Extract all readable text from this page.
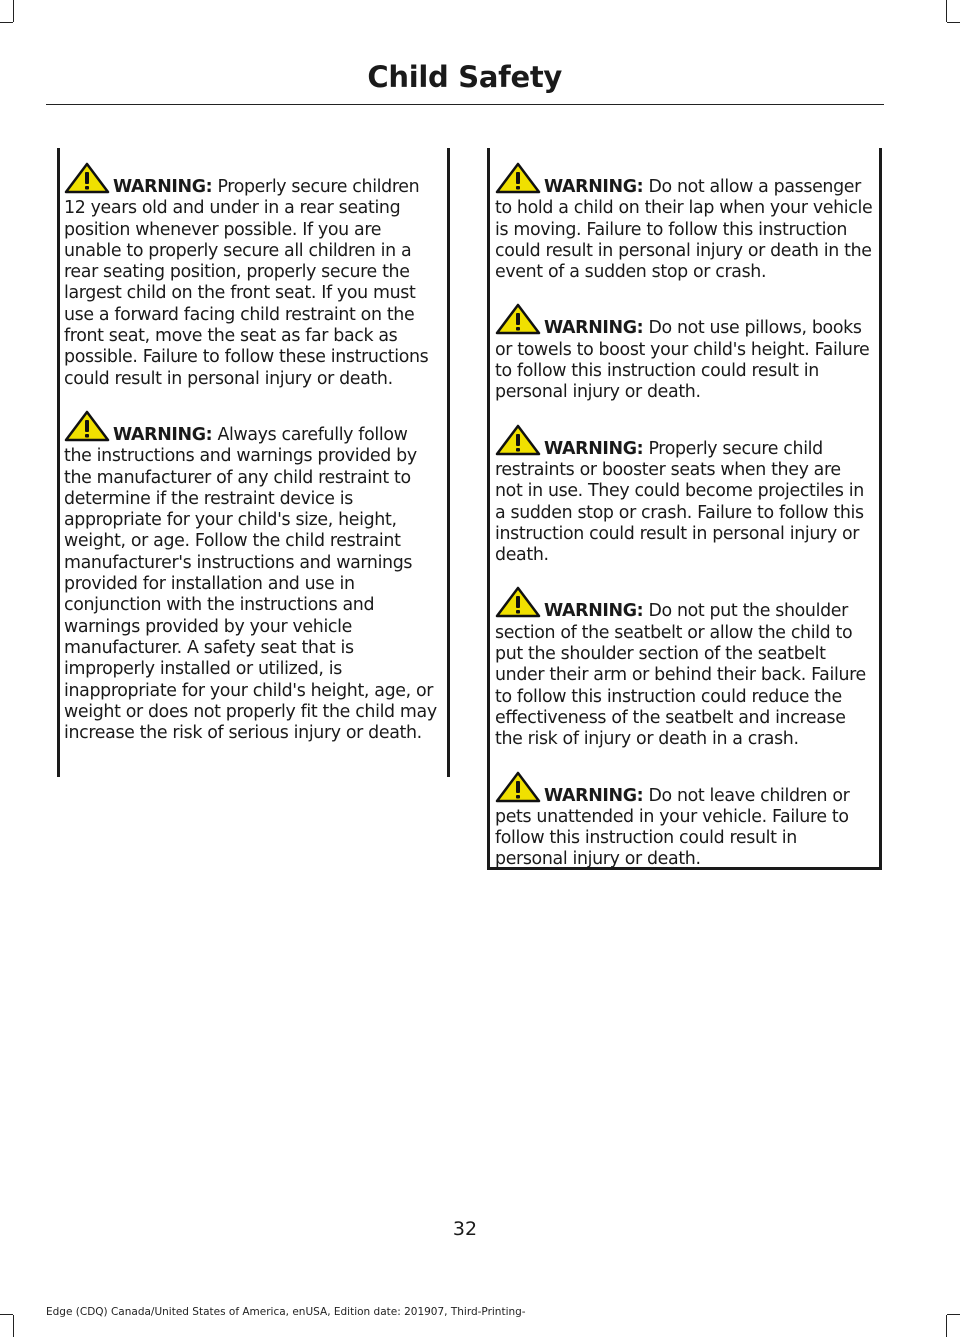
Child Safety

WARNING: Properly secure children 12 years old and under in a rear seating position whenever possible. If you are unable to properly secure all children in a rear seating position, properly secure the largest child on the front seat. If you must use a forward facing child restraint on the front seat, move the seat as far back as possible. Failure to follow these instructions could result in personal injury or death.

WARNING: Always carefully follow the instructions and warnings provided by the manufacturer of any child restraint to determine if the restraint device is appropriate for your child's size, height, weight, or age. Follow the child restraint manufacturer's instructions and warnings provided for installation and use in conjunction with the instructions and warnings provided by your vehicle manufacturer. A safety seat that is improperly installed or utilized, is inappropriate for your child's height, age, or weight or does not properly fit the child may increase the risk of serious injury or death.

WARNING: Do not allow a passenger to hold a child on their lap when your vehicle is moving. Failure to follow this instruction could result in personal injury or death in the event of a sudden stop or crash.

WARNING: Do not use pillows, books or towels to boost your child's height. Failure to follow this instruction could result in personal injury or death.

WARNING: Properly secure child restraints or booster seats when they are not in use. They could become projectiles in a sudden stop or crash. Failure to follow this instruction could result in personal injury or death.

WARNING: Do not put the shoulder section of the seatbelt or allow the child to put the shoulder section of the seatbelt under their arm or behind their back. Failure to follow this instruction could reduce the effectiveness of the seatbelt and increase the risk of injury or death in a crash.

WARNING: Do not leave children or pets unattended in your vehicle. Failure to follow this instruction could result in personal injury or death.

32
Edge (CDQ) Canada/United States of America, enUSA, Edition date: 201907, Third-Printing-
